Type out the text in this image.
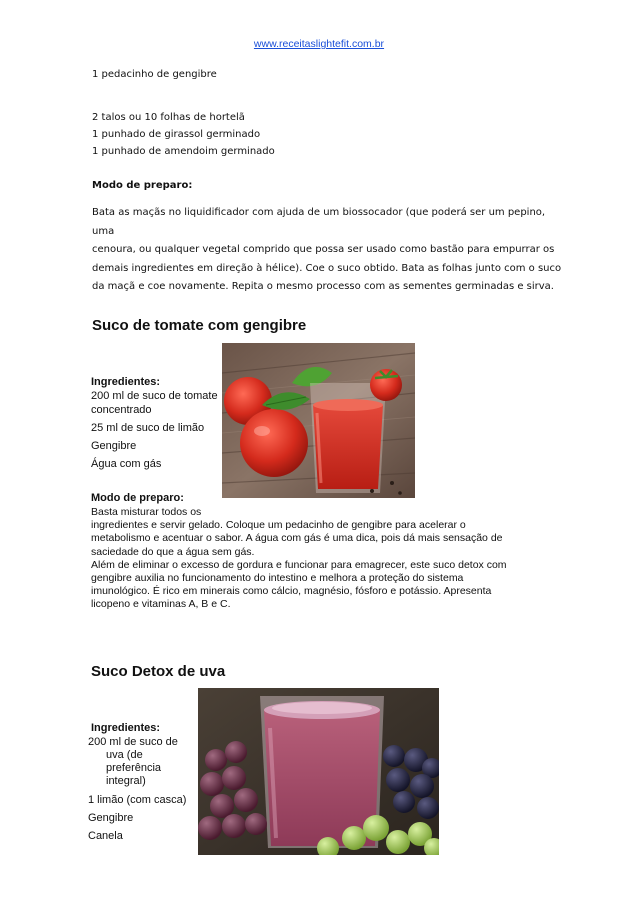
www.receitaslightefit.com.br
1 pedacinho de gengibre
2 talos ou 10 folhas de hortelã
1 punhado de girassol germinado
1 punhado de amendoim germinado
Modo de preparo:
Bata as maçãs no liquidificador com ajuda de um biossocador (que poderá ser um pepino, uma
cenoura, ou qualquer vegetal comprido que possa ser usado como bastão para empurrar os
demais ingredientes em direção à hélice). Coe o suco obtido. Bata as folhas junto com o suco
da maçã e coe novamente. Repita o mesmo processo com as sementes germinadas e sirva.
Suco de tomate com gengibre
Ingredientes:
200 ml de suco de tomate
concentrado
25 ml de suco de limão
Gengibre
Água com gás
Modo de preparo:
Basta misturar todos os
ingredientes e servir gelado. Coloque um pedacinho de gengibre para acelerar o
metabolismo e acentuar o sabor. A água com gás é uma dica, pois dá mais sensação de
saciedade do que a água sem gás.
Além de eliminar o excesso de gordura e funcionar para emagrecer, este suco detox com
gengibre auxilia no funcionamento do intestino e melhora a proteção do sistema
imunológico. É rico em minerais como cálcio, magnésio, fósforo e potássio. Apresenta
licopeno e vitaminas A, B e C.
Suco Detox de uva
Ingredientes:
200 ml de suco de
uva (de
preferência
integral)
1 limão (com casca)
Gengibre
Canela
